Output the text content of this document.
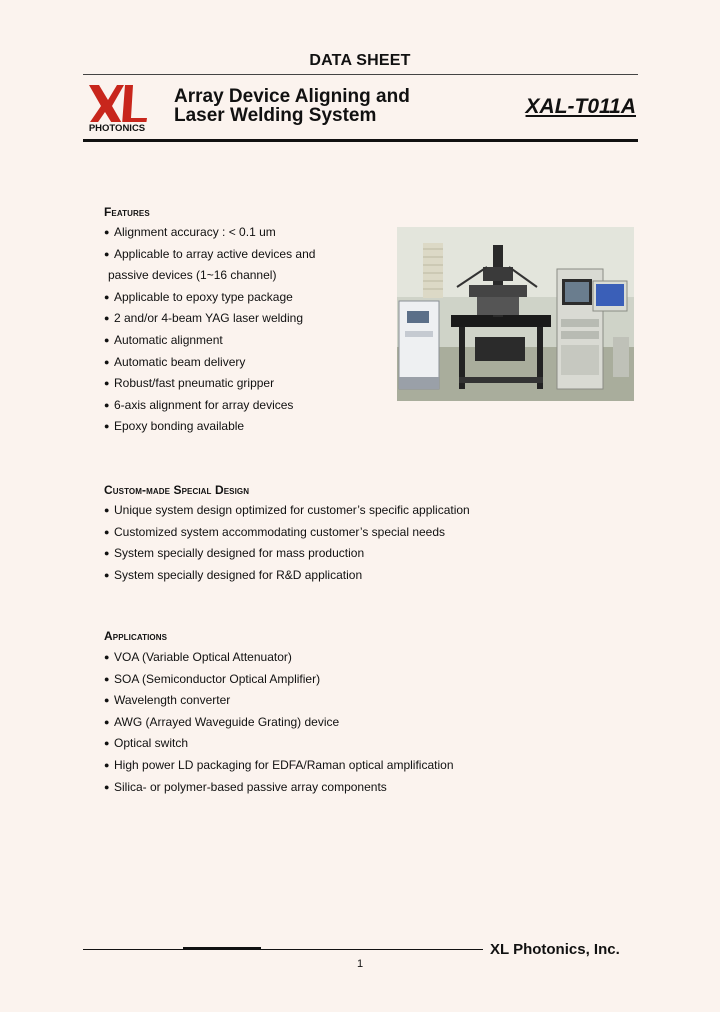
DATA SHEET
PHOTONICS
Array Device Aligning and
Laser Welding System	XAL-T011A
Features
● Alignment accuracy : < 0.1 um
● Applicable to array active devices and
passive devices (1~16 channel)
● Applicable to epoxy type package
● 2 and/or 4-beam YAG laser welding
● Automatic alignment
● Automatic beam delivery
● Robust/fast pneumatic gripper
● 6-axis alignment for array devices
● Epoxy bonding available
Custom-made Special Design
● Unique system design optimized for customer’s specific application
● Customized system accommodating customer’s special needs
● System specially designed for mass production
● System specially designed for R&D application
Applications
● VOA (Variable Optical Attenuator)
● SOA (Semiconductor Optical Amplifier)
● Wavelength converter
● AWG (Arrayed Waveguide Grating) device
● Optical switch
● High power LD packaging for EDFA/Raman optical amplification
● Silica- or polymer-based passive array components
XL Photonics, Inc.
1
